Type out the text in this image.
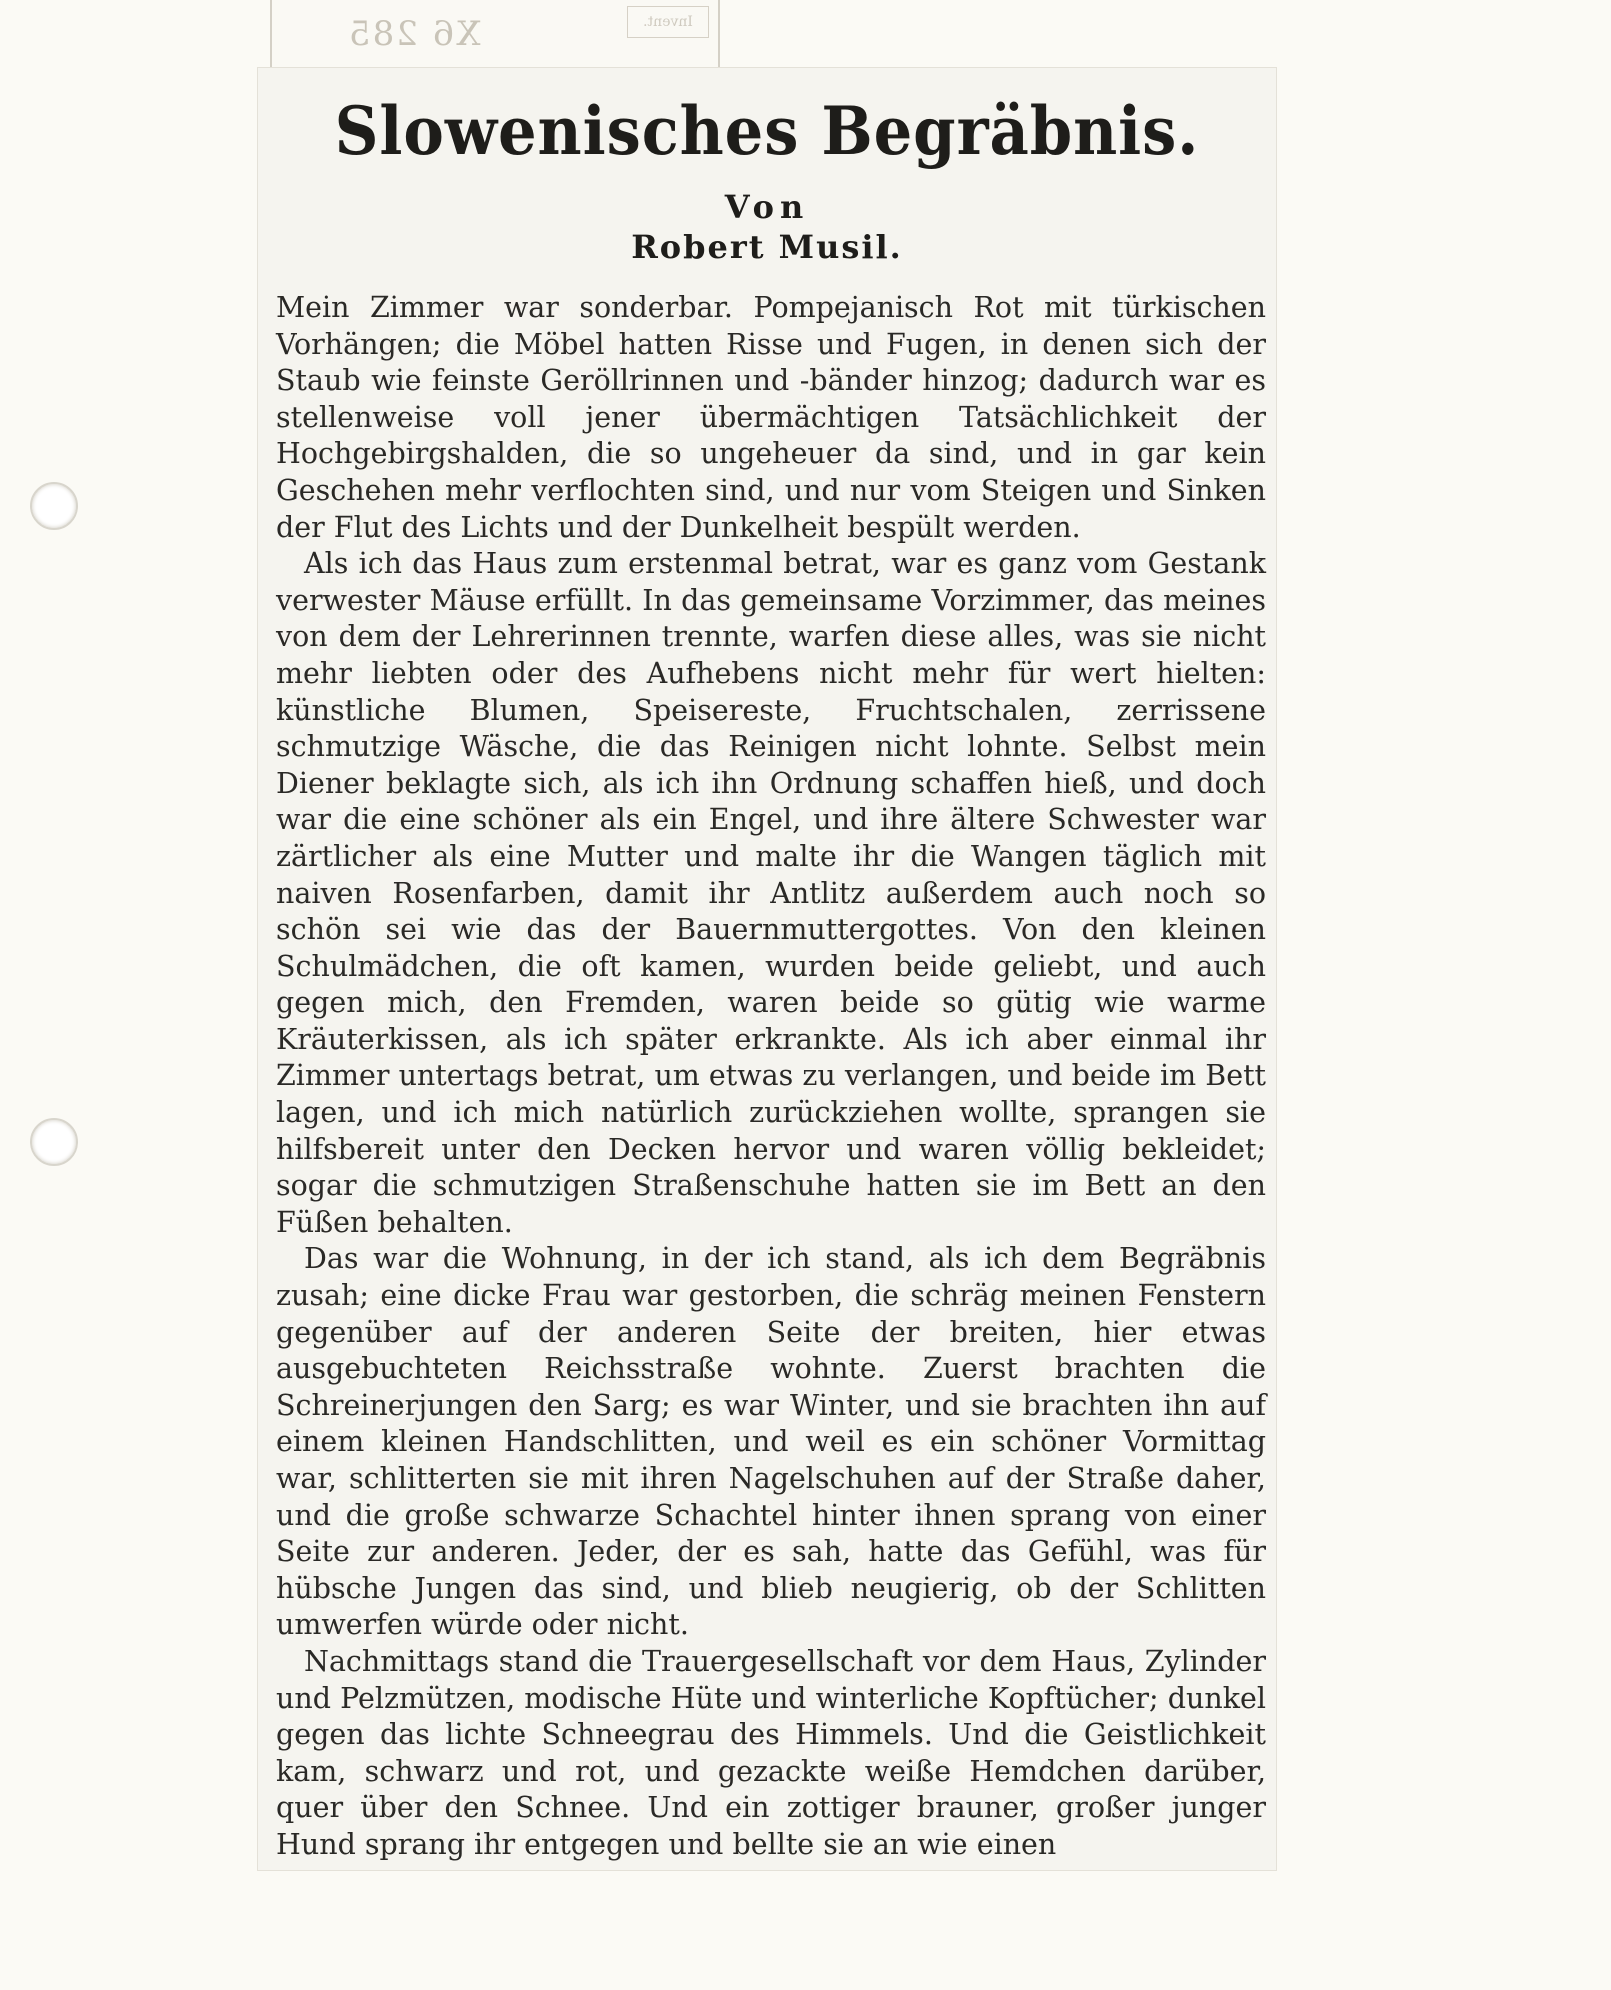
X6 285	Invent.
Slowenisches Begräbnis.
Von
Robert Musil.

Mein Zimmer war sonderbar. Pompejanisch Rot mit türkischen Vorhängen; die Möbel hatten Risse und Fugen, in denen sich der Staub wie feinste Geröllrinnen und -bänder hinzog; dadurch war es stellenweise voll jener übermächtigen Tatsächlichkeit der Hochgebirgshalden, die so ungeheuer da sind, und in gar kein Geschehen mehr verflochten sind, und nur vom Steigen und Sinken der Flut des Lichts und der Dunkelheit bespült werden.

Als ich das Haus zum erstenmal betrat, war es ganz vom Gestank verwester Mäuse erfüllt. In das gemeinsame Vorzimmer, das meines von dem der Lehrerinnen trennte, warfen diese alles, was sie nicht mehr liebten oder des Aufhebens nicht mehr für wert hielten: künstliche Blumen, Speisereste, Fruchtschalen, zerrissene schmutzige Wäsche, die das Reinigen nicht lohnte. Selbst mein Diener beklagte sich, als ich ihn Ordnung schaffen hieß, und doch war die eine schöner als ein Engel, und ihre ältere Schwester war zärtlicher als eine Mutter und malte ihr die Wangen täglich mit naiven Rosenfarben, damit ihr Antlitz außerdem auch noch so schön sei wie das der Bauernmuttergottes. Von den kleinen Schulmädchen, die oft kamen, wurden beide geliebt, und auch gegen mich, den Fremden, waren beide so gütig wie warme Kräuterkissen, als ich später erkrankte. Als ich aber einmal ihr Zimmer untertags betrat, um etwas zu verlangen, und beide im Bett lagen, und ich mich natürlich zurückziehen wollte, sprangen sie hilfsbereit unter den Decken hervor und waren völlig bekleidet; sogar die schmutzigen Straßenschuhe hatten sie im Bett an den Füßen behalten.

Das war die Wohnung, in der ich stand, als ich dem Begräbnis zusah; eine dicke Frau war gestorben, die schräg meinen Fenstern gegenüber auf der anderen Seite der breiten, hier etwas ausgebuchteten Reichsstraße wohnte. Zuerst brachten die Schreinerjungen den Sarg; es war Winter, und sie brachten ihn auf einem kleinen Handschlitten, und weil es ein schöner Vormittag war, schlitterten sie mit ihren Nagelschuhen auf der Straße daher, und die große schwarze Schachtel hinter ihnen sprang von einer Seite zur anderen. Jeder, der es sah, hatte das Gefühl, was für hübsche Jungen das sind, und blieb neugierig, ob der Schlitten umwerfen würde oder nicht.

Nachmittags stand die Trauergesellschaft vor dem Haus, Zylinder und Pelzmützen, modische Hüte und winterliche Kopftücher; dunkel gegen das lichte Schneegrau des Himmels. Und die Geistlichkeit kam, schwarz und rot, und gezackte weiße Hemdchen darüber, quer über den Schnee. Und ein zottiger brauner, großer junger Hund sprang ihr entgegen und bellte sie an wie einen
